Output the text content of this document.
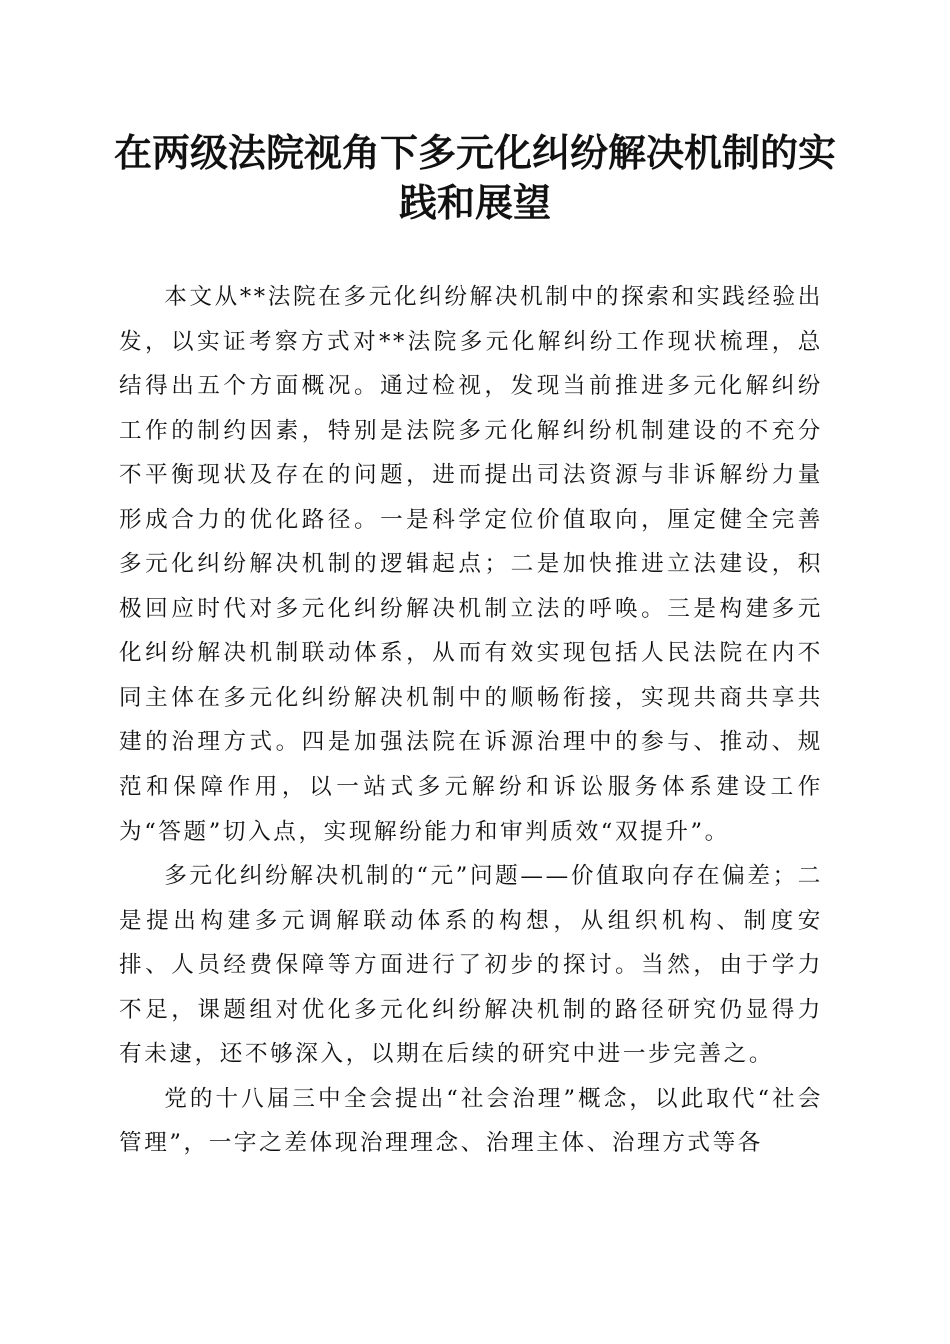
在两级法院视角下多元化纠纷解决机制的实践和展望

本文从**法院在多元化纠纷解决机制中的探索和实践经验出发，以实证考察方式对**法院多元化解纠纷工作现状梳理，总结得出五个方面概况。通过检视，发现当前推进多元化解纠纷工作的制约因素，特别是法院多元化解纠纷机制建设的不充分不平衡现状及存在的问题，进而提出司法资源与非诉解纷力量形成合力的优化路径。一是科学定位价值取向，厘定健全完善多元化纠纷解决机制的逻辑起点；二是加快推进立法建设，积极回应时代对多元化纠纷解决机制立法的呼唤。三是构建多元化纠纷解决机制联动体系，从而有效实现包括人民法院在内不同主体在多元化纠纷解决机制中的顺畅衔接，实现共商共享共建的治理方式。四是加强法院在诉源治理中的参与、推动、规范和保障作用，以一站式多元解纷和诉讼服务体系建设工作为“答题”切入点，实现解纷能力和审判质效“双提升”。

多元化纠纷解决机制的“元”问题——价值取向存在偏差；二是提出构建多元调解联动体系的构想，从组织机构、制度安排、人员经费保障等方面进行了初步的探讨。当然，由于学力不足，课题组对优化多元化纠纷解决机制的路径研究仍显得力有未逮，还不够深入，以期在后续的研究中进一步完善之。

党的十八届三中全会提出“社会治理”概念，以此取代“社会管理”，一字之差体现治理理念、治理主体、治理方式等各
